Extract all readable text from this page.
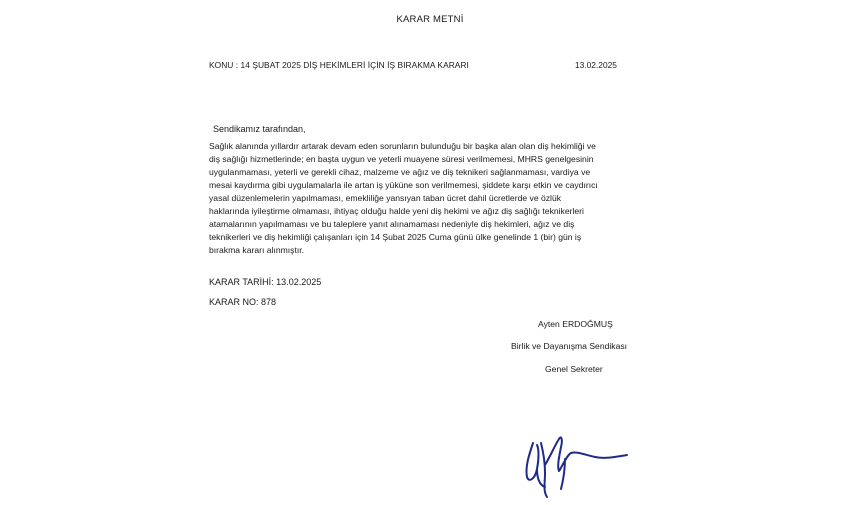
KARAR METNİ
KONU : 14 ŞUBAT 2025 DİŞ HEKİMLERİ İÇİN İŞ BIRAKMA KARARI	13.02.2025
Sendikamız tarafından,
Sağlık alanında yıllardır artarak devam eden sorunların bulunduğu bir başka alan olan diş hekimliği ve
diş sağlığı hizmetlerinde; en başta uygun ve yeterli muayene süresi verilmemesi, MHRS genelgesinin
uygulanmaması, yeterli ve gerekli cihaz, malzeme ve ağız ve diş teknikeri sağlanmaması, vardiya ve
mesai kaydırma gibi uygulamalarla ile artan iş yüküne son verilmemesi, şiddete karşı etkin ve caydırıcı
yasal düzenlemelerin yapılmaması, emekliliğe yansıyan taban ücret dahil ücretlerde ve özlük
haklarında iyileştirme olmaması, ihtiyaç olduğu halde yeni diş hekimi ve ağız diş sağlığı teknikerleri
atamalarının yapılmaması ve bu taleplere yanıt alınamaması nedeniyle diş hekimleri, ağız ve diş
teknikerleri ve diş hekimliği çalışanları için 14 Şubat 2025 Cuma günü ülke genelinde 1 (bir) gün iş
bırakma kararı alınmıştır.
KARAR TARİHİ: 13.02.2025
KARAR NO: 878
Ayten ERDOĞMUŞ
Birlik ve Dayanışma Sendikası
Genel Sekreter
